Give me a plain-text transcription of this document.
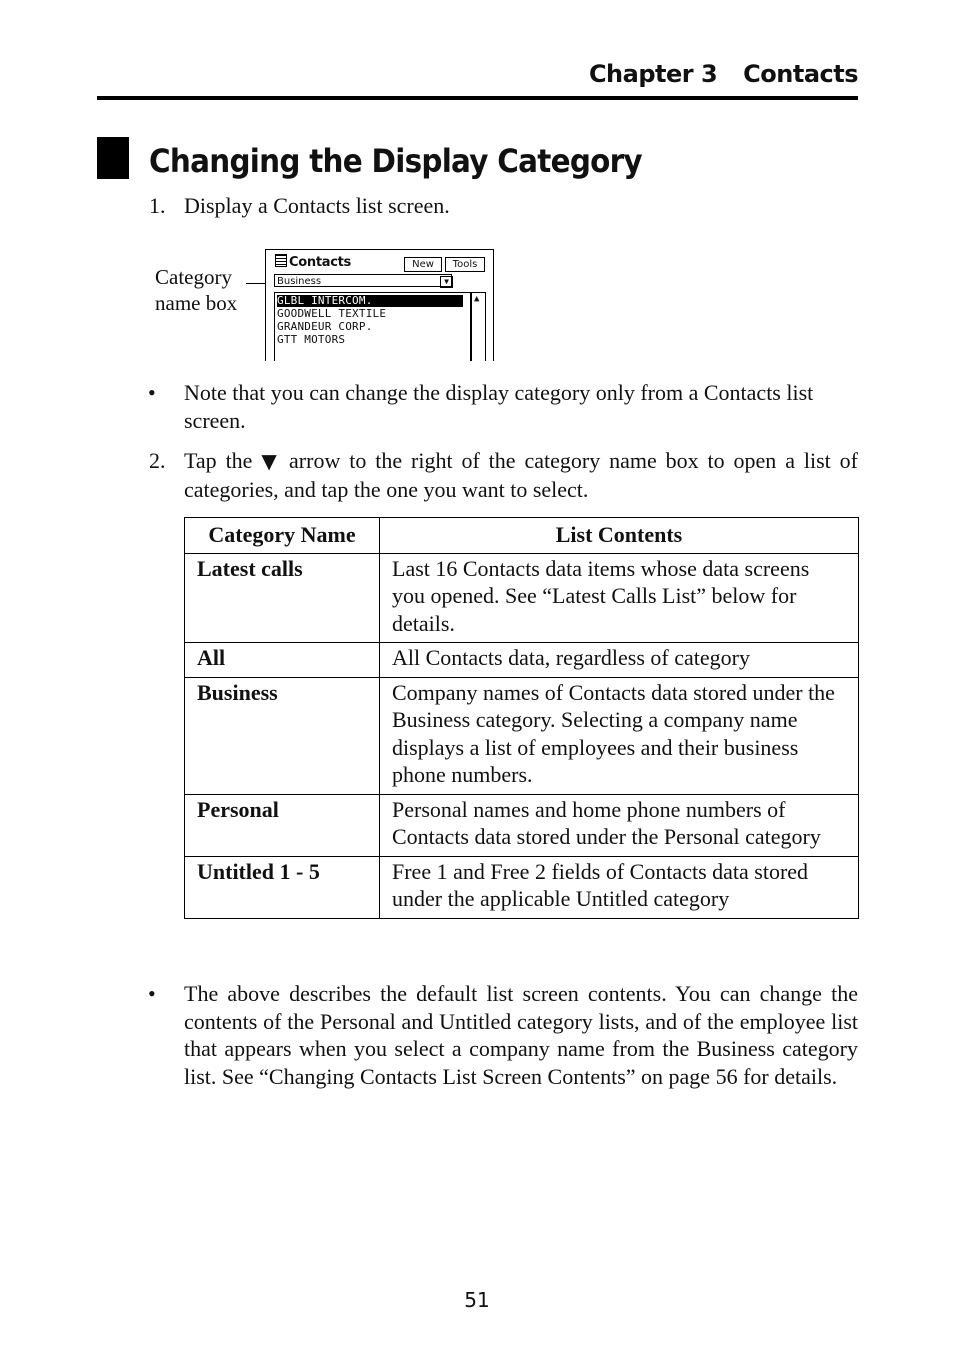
Chapter 3 Contacts
Changing the Display Category
1. Display a Contacts list screen.
Category
name box
Contacts	New	Tools
Business	▼
GLBL INTERCOM.
GOODWELL TEXTILE
GRANDEUR CORP.
GTT MOTORS
▲
• Note that you can change the display category only from a Contacts list screen.
2. Tap the ▼ arrow to the right of the category name box to open a list of categories, and tap the one you want to select.
Category Name	List Contents
Latest calls	Last 16 Contacts data items whose data screens you opened. See “Latest Calls List” below for details.
All	All Contacts data, regardless of category
Business	Company names of Contacts data stored under the Business category. Selecting a company name displays a list of employees and their business phone numbers.
Personal	Personal names and home phone numbers of Contacts data stored under the Personal category
Untitled 1 - 5	Free 1 and Free 2 fields of Contacts data stored under the applicable Untitled category
• The above describes the default list screen contents. You can change the contents of the Personal and Untitled category lists, and of the employee list that appears when you select a company name from the Business category list. See “Changing Contacts List Screen Contents” on page 56 for details.
51
